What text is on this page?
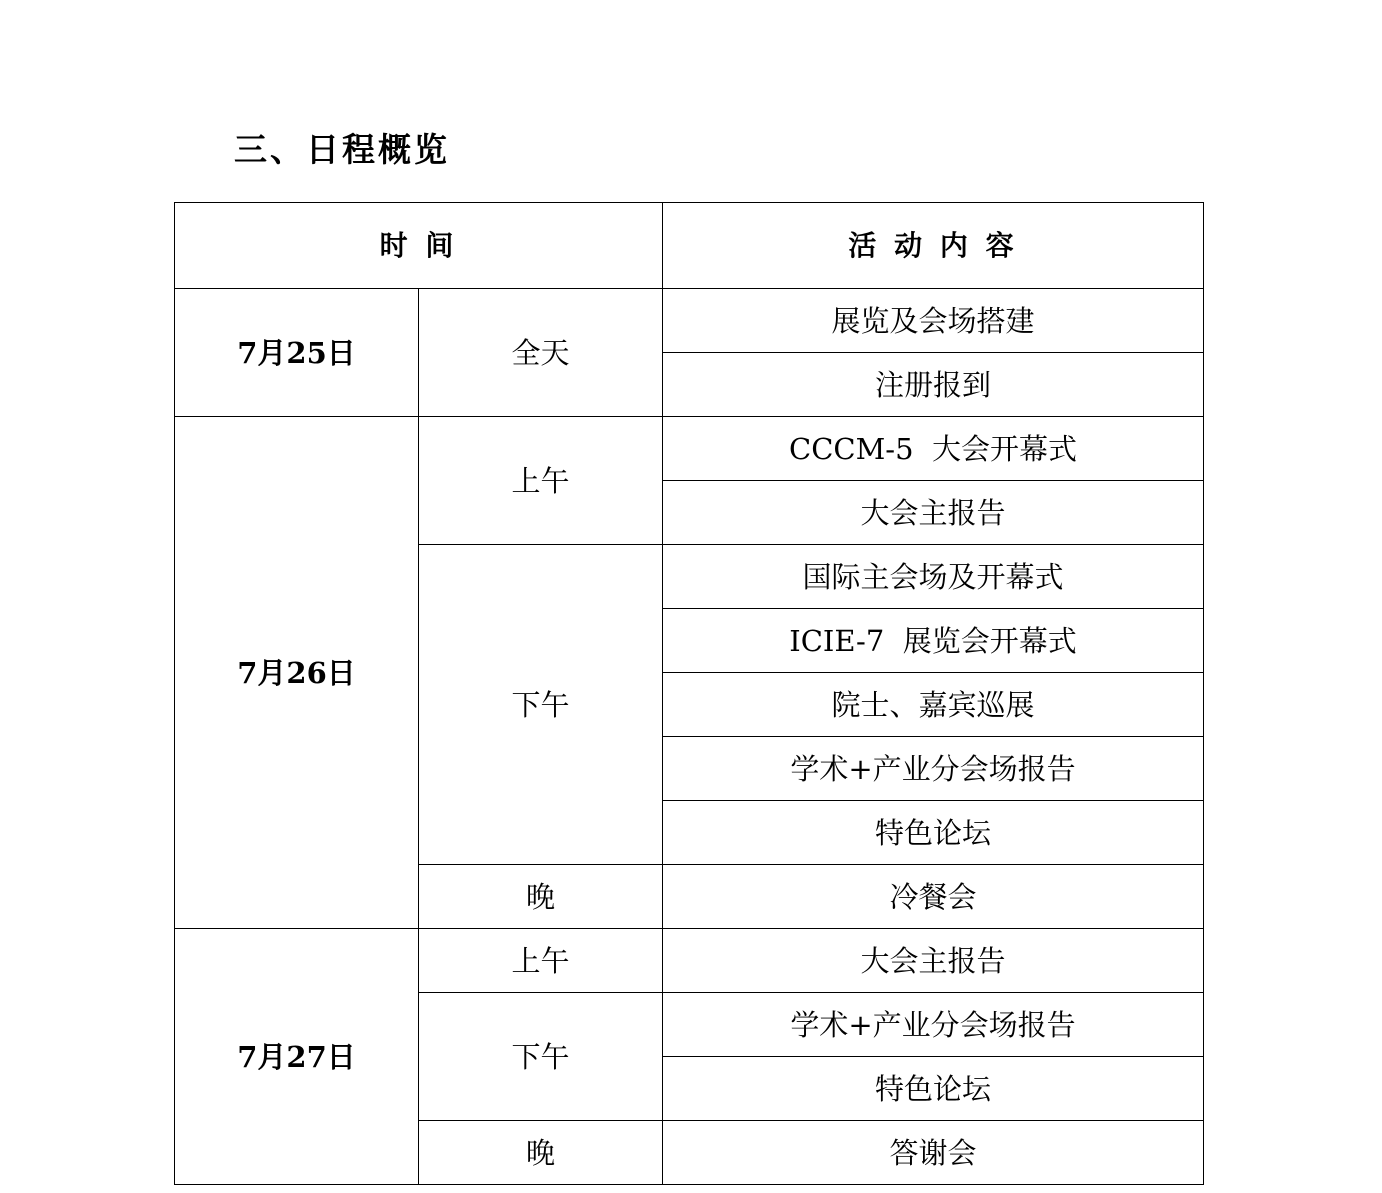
三、日程概览
时 间		活 动 内 容
7月25日	全天	展览及会场搭建
		注册报到
7月26日	上午	CCCM-5  大会开幕式
		大会主报告
	下午	国际主会场及开幕式
		ICIE-7  展览会开幕式
		院士、嘉宾巡展
		学术+产业分会场报告
		特色论坛
	晚	冷餐会
7月27日	上午	大会主报告
	下午	学术+产业分会场报告
		特色论坛
	晚	答谢会
